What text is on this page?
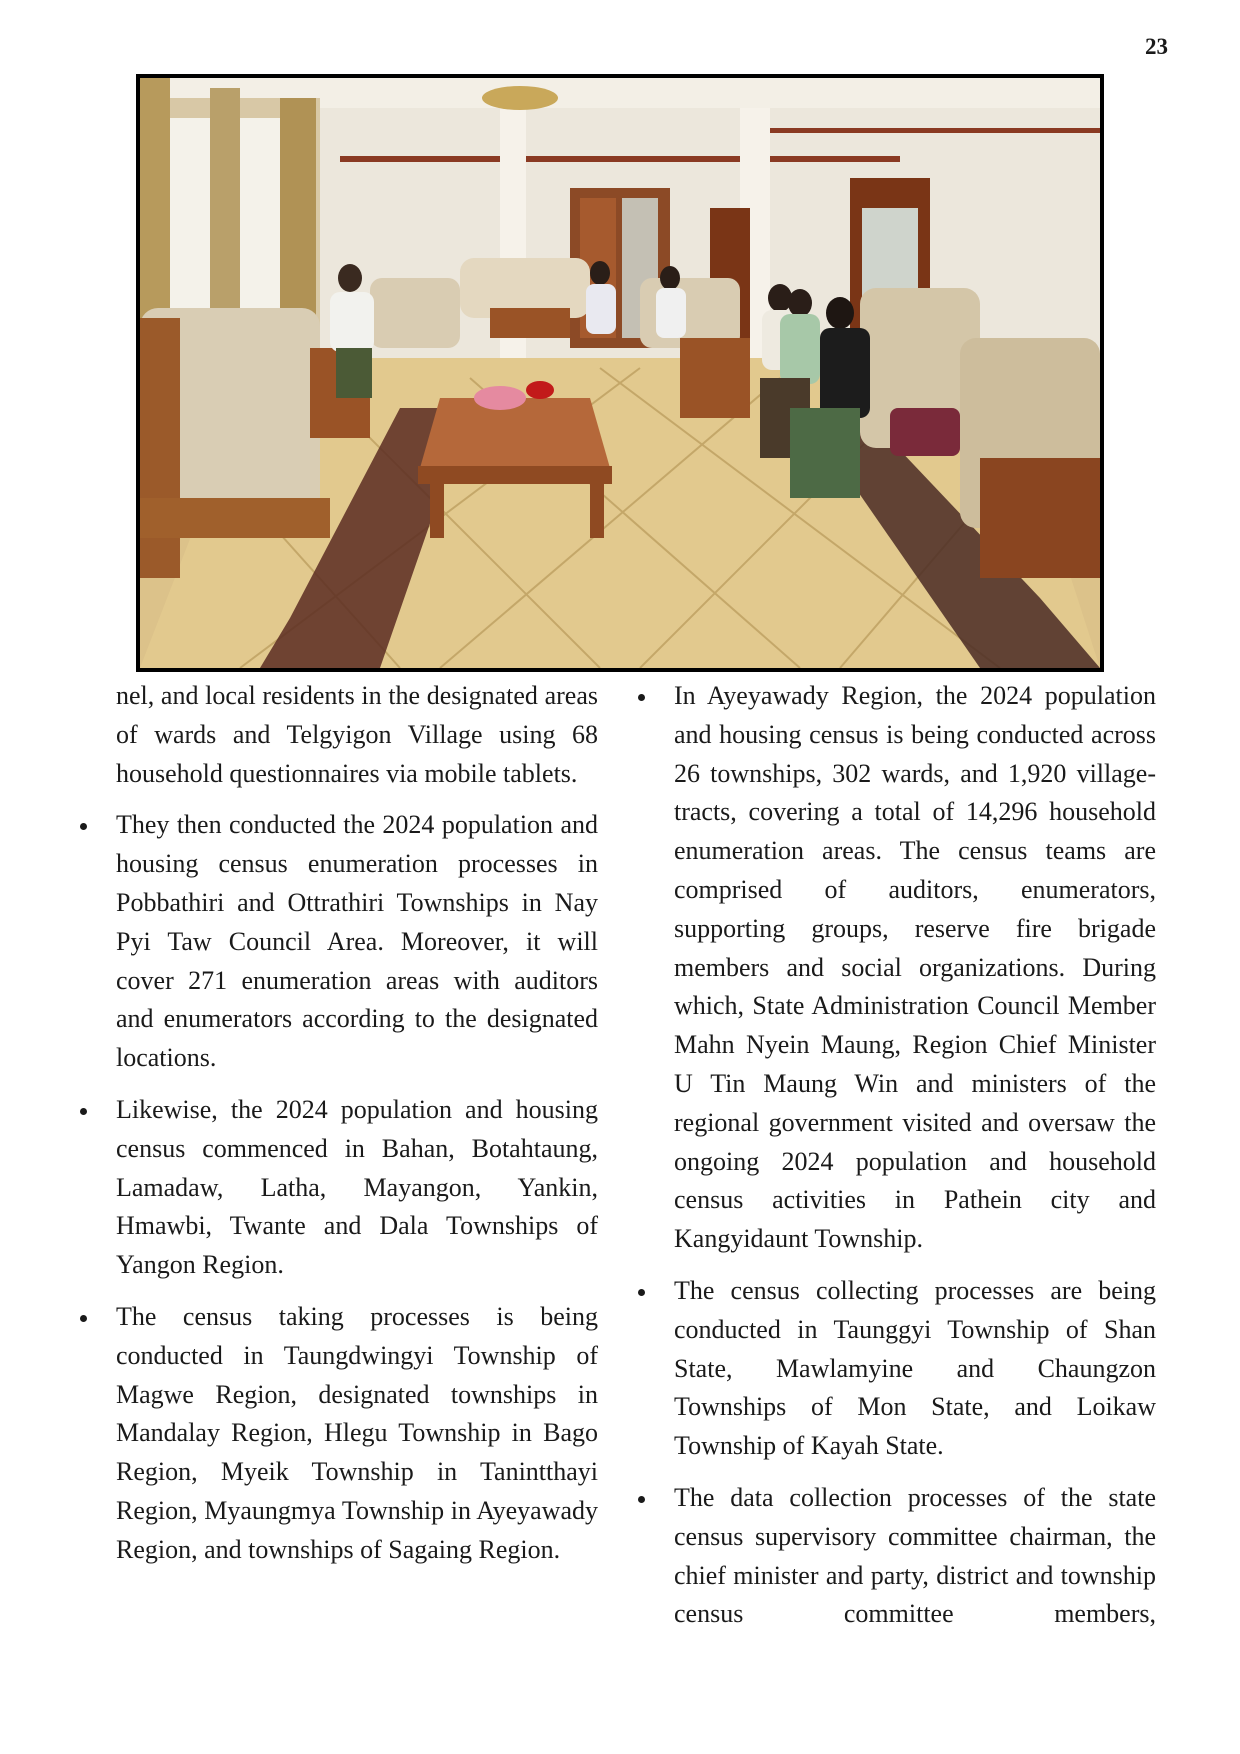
23

nel, and local residents in the designated areas of wards and Telgyigon Village using 68 household questionnaires via mobile tablets.

They then conducted the 2024 population and housing census enumeration processes in Pobbathiri and Ottrathiri Townships in Nay Pyi Taw Council Area. Moreover, it will cover 271 enumeration areas with auditors and enumerators according to the designated locations.
Likewise, the 2024 population and housing census commenced in Bahan, Botahtaung, Lamadaw, Latha, Mayangon, Yankin, Hmawbi, Twante and Dala Townships of Yangon Region.
The census taking processes is being conducted in Taungdwingyi Township of Magwe Region, designated townships in Mandalay Region, Hlegu Township in Bago Region, Myeik Township in Tanintthayi Region, Myaungmya Township in Ayeyawady Region, and townships of Sagaing Region.
In Ayeyawady Region, the 2024 population and housing census is being conducted across 26 townships, 302 wards, and 1,920 village-tracts, covering a total of 14,296 household enumeration areas. The census teams are comprised of auditors, enumerators, supporting groups, reserve fire brigade members and social organizations. During which, State Administration Council Member Mahn Nyein Maung, Region Chief Minister U Tin Maung Win and ministers of the regional government visited and oversaw the ongoing 2024 population and household census activities in Pathein city and Kangyidaunt Township.
The census collecting processes are being conducted in Taunggyi Township of Shan State, Mawlamyine and Chaungzon Townships of Mon State, and Loikaw Township of Kayah State.
The data collection processes of the state census supervisory committee chairman, the chief minister and party, district and township census committee members,
